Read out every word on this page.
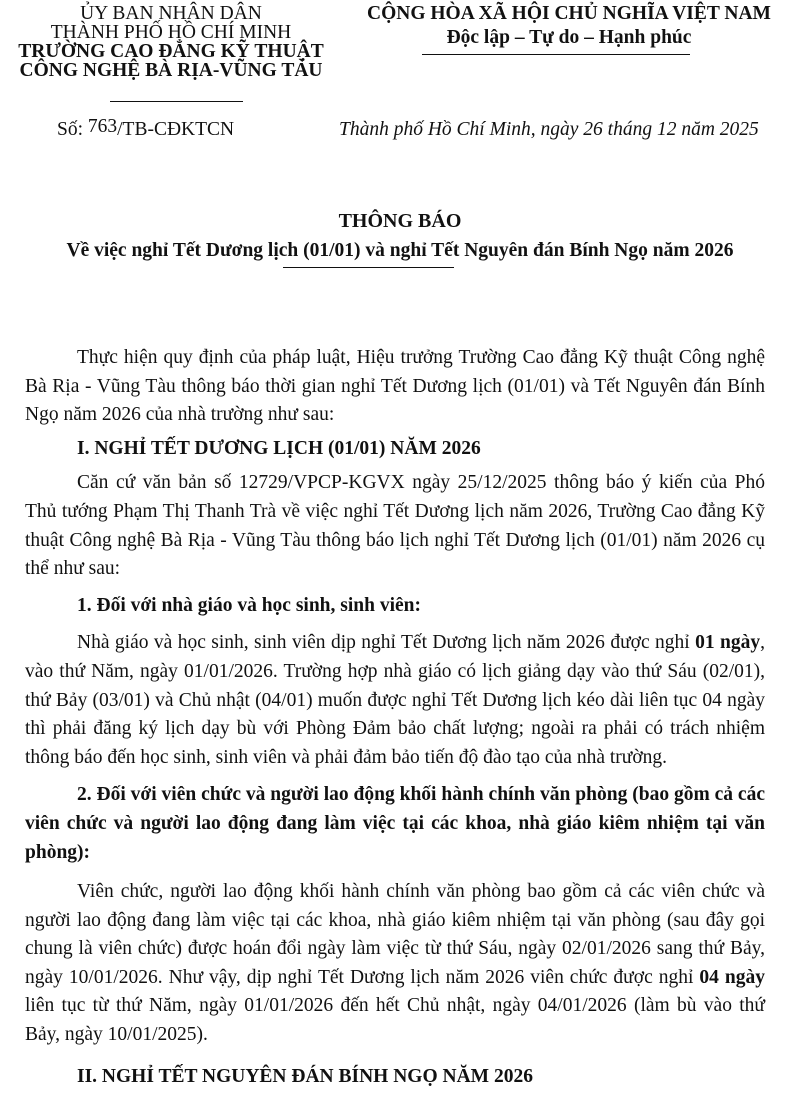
ỦY BAN NHÂN DÂN
THÀNH PHỐ HỒ CHÍ MINH
TRƯỜNG CAO ĐẲNG KỸ THUẬT
CÔNG NGHỆ BÀ RỊA-VŨNG TÀU
CỘNG HÒA XÃ HỘI CHỦ NGHĨA VIỆT NAM
Độc lập – Tự do – Hạnh phúc
Số: 763/TB-CĐKTCN	Thành phố Hồ Chí Minh, ngày 26 tháng 12 năm 2025
THÔNG BÁO
Về việc nghỉ Tết Dương lịch (01/01) và nghỉ Tết Nguyên đán Bính Ngọ năm 2026

Thực hiện quy định của pháp luật, Hiệu trưởng Trường Cao đẳng Kỹ thuật Công nghệ Bà Rịa - Vũng Tàu thông báo thời gian nghỉ Tết Dương lịch (01/01) và Tết Nguyên đán Bính Ngọ năm 2026 của nhà trường như sau:

I. NGHỈ TẾT DƯƠNG LỊCH (01/01) NĂM 2026

Căn cứ văn bản số 12729/VPCP-KGVX ngày 25/12/2025 thông báo ý kiến của Phó Thủ tướng Phạm Thị Thanh Trà về việc nghỉ Tết Dương lịch năm 2026, Trường Cao đẳng Kỹ thuật Công nghệ Bà Rịa - Vũng Tàu thông báo lịch nghỉ Tết Dương lịch (01/01) năm 2026 cụ thể như sau:

1. Đối với nhà giáo và học sinh, sinh viên:

Nhà giáo và học sinh, sinh viên dịp nghỉ Tết Dương lịch năm 2026 được nghỉ 01 ngày, vào thứ Năm, ngày 01/01/2026. Trường hợp nhà giáo có lịch giảng dạy vào thứ Sáu (02/01), thứ Bảy (03/01) và Chủ nhật (04/01) muốn được nghỉ Tết Dương lịch kéo dài liên tục 04 ngày thì phải đăng ký lịch dạy bù với Phòng Đảm bảo chất lượng; ngoài ra phải có trách nhiệm thông báo đến học sinh, sinh viên và phải đảm bảo tiến độ đào tạo của nhà trường.

2. Đối với viên chức và người lao động khối hành chính văn phòng (bao gồm cả các viên chức và người lao động đang làm việc tại các khoa, nhà giáo kiêm nhiệm tại văn phòng):

Viên chức, người lao động khối hành chính văn phòng bao gồm cả các viên chức và người lao động đang làm việc tại các khoa, nhà giáo kiêm nhiệm tại văn phòng (sau đây gọi chung là viên chức) được hoán đổi ngày làm việc từ thứ Sáu, ngày 02/01/2026 sang thứ Bảy, ngày 10/01/2026. Như vậy, dịp nghỉ Tết Dương lịch năm 2026 viên chức được nghỉ 04 ngày liên tục từ thứ Năm, ngày 01/01/2026 đến hết Chủ nhật, ngày 04/01/2026 (làm bù vào thứ Bảy, ngày 10/01/2025).

II. NGHỈ TẾT NGUYÊN ĐÁN BÍNH NGỌ NĂM 2026
